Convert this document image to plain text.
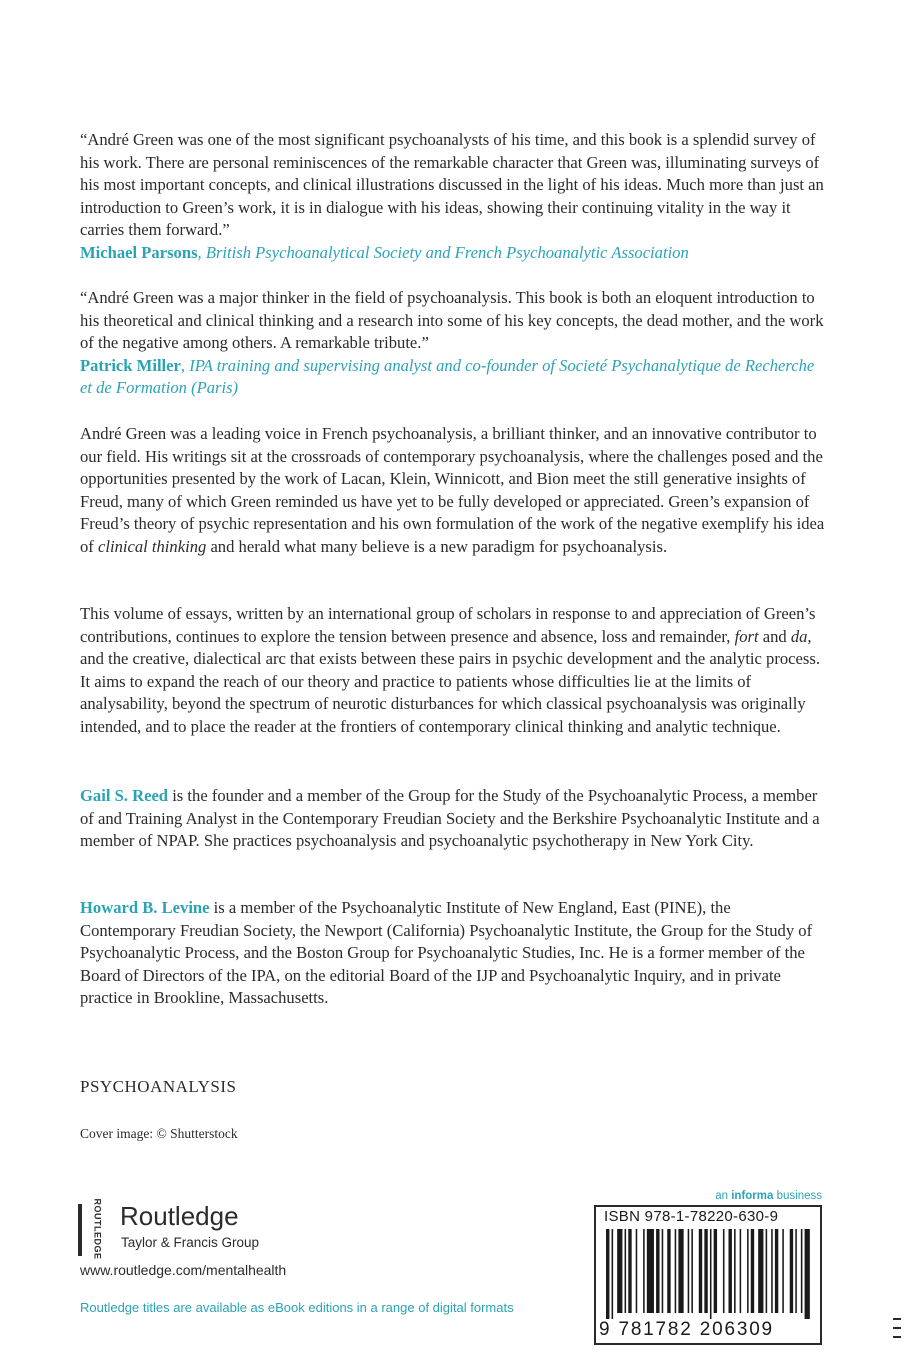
“André Green was one of the most significant psychoanalysts of his time, and this book is a splendid survey of his work. There are personal reminiscences of the remarkable character that Green was, illuminating surveys of his most important concepts, and clinical illustrations discussed in the light of his ideas. Much more than just an introduction to Green’s work, it is in dialogue with his ideas, showing their continuing vitality in the way it carries them forward.”

Michael Parsons, British Psychoanalytical Society and French Psychoanalytic Association

“André Green was a major thinker in the field of psychoanalysis. This book is both an eloquent introduction to his theoretical and clinical thinking and a research into some of his key concepts, the dead mother, and the work of the negative among others. A remarkable tribute.”

Patrick Miller, IPA training and supervising analyst and co-founder of Societé Psychanalytique de Recherche et de Formation (Paris)

André Green was a leading voice in French psychoanalysis, a brilliant thinker, and an innovative contributor to our field. His writings sit at the crossroads of contemporary psychoanalysis, where the challenges posed and the opportunities presented by the work of Lacan, Klein, Winnicott, and Bion meet the still generative insights of Freud, many of which Green reminded us have yet to be fully developed or appreciated. Green’s expansion of Freud’s theory of psychic representation and his own formulation of the work of the negative exemplify his idea of clinical thinking and herald what many believe is a new paradigm for psychoanalysis.

This volume of essays, written by an international group of scholars in response to and appreciation of Green’s contributions, continues to explore the tension between presence and absence, loss and remainder, fort and da, and the creative, dialectical arc that exists between these pairs in psychic development and the analytic process. It aims to expand the reach of our theory and practice to patients whose difficulties lie at the limits of analysability, beyond the spectrum of neurotic disturbances for which classical psychoanalysis was originally intended, and to place the reader at the frontiers of contemporary clinical thinking and analytic technique.

Gail S. Reed is the founder and a member of the Group for the Study of the Psychoanalytic Process, a member of and Training Analyst in the Contemporary Freudian Society and the Berkshire Psychoanalytic Institute and a member of NPAP. She practices psychoanalysis and psychoanalytic psychotherapy in New York City.

Howard B. Levine is a member of the Psychoanalytic Institute of New England, East (PINE), the Contemporary Freudian Society, the Newport (California) Psychoanalytic Institute, the Group for the Study of Psychoanalytic Process, and the Boston Group for Psychoanalytic Studies, Inc. He is a former member of the Board of Directors of the IPA, on the editorial Board of the IJP and Psychoanalytic Inquiry, and in private practice in Brookline, Massachusetts.

PSYCHOANALYSIS
Cover image: © Shutterstock
ROUTLEDGE Routledge
Taylor & Francis Group
www.routledge.com/mentalhealth
Routledge titles are available as eBook editions in a range of digital formats
an informa business
ISBN 978-1-78220-630-9
9 781782 206309
